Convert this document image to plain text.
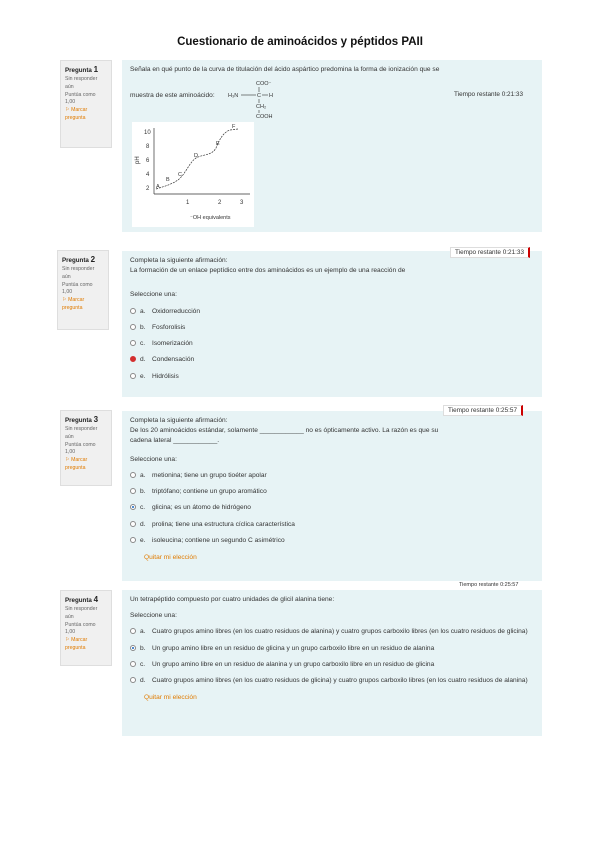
Cuestionario de aminoácidos y péptidos PAII
Pregunta 1
Sin responder aún
Puntúa como 1,00
⚐ Marcar pregunta
Señala en qué punto de la curva de titulación del ácido aspártico predomina la forma de ionización que se
muestra de este aminoácido:
COO⁻
H₃N	C H
CH₂
COOH
10
8
6
4
2
pH
1	2	3
⁻OH equivalents
A
B
C
D
E
F
Tiempo restante 0:21:33
Pregunta 2
Sin responder aún
Puntúa como 1,00
⚐ Marcar pregunta
Completa la siguiente afirmación:
La formación de un enlace peptídico entre dos aminoácidos es un ejemplo de una reacción de
Seleccione una:
a. Oxidorreducción
b. Fosforolisis
c.	Isomerización
d. Condensación
e. Hidrólisis
Tiempo restante 0:21:33
Pregunta 3
Sin responder aún
Puntúa como 1,00
⚐ Marcar pregunta
Completa la siguiente afirmación:
De los 20 aminoácidos estándar, solamente ____________ no es ópticamente activo. La razón es que su
cadena lateral ____________.
Seleccione una:
a. metionina; tiene un grupo tioéter apolar
b. triptófano; contiene un grupo aromático
c.	glicina; es un átomo de hidrógeno
d. prolina; tiene una estructura cíclica característica
e. isoleucina; contiene un segundo C asimétrico
Quitar mi elección
Tiempo restante 0:25:57
Pregunta 4
Sin responder aún
Puntúa como 1,00
⚐ Marcar pregunta
Un tetrapéptido compuesto por cuatro unidades de glicil alanina tiene:
Seleccione una:
a. Cuatro grupos amino libres (en los cuatro residuos de alanina) y cuatro grupos carboxilo libres (en los cuatro residuos de glicina)
b. Un grupo amino libre en un residuo de glicina y un grupo carboxilo libre en un residuo de alanina
c.	Un grupo amino libre en un residuo de alanina y un grupo carboxilo libre en un residuo de glicina
d. Cuatro grupos amino libres (en los cuatro residuos de glicina) y cuatro grupos carboxilo libres (en los cuatro residuos de alanina)
Quitar mi elección
Tiempo restante 0:25:57
